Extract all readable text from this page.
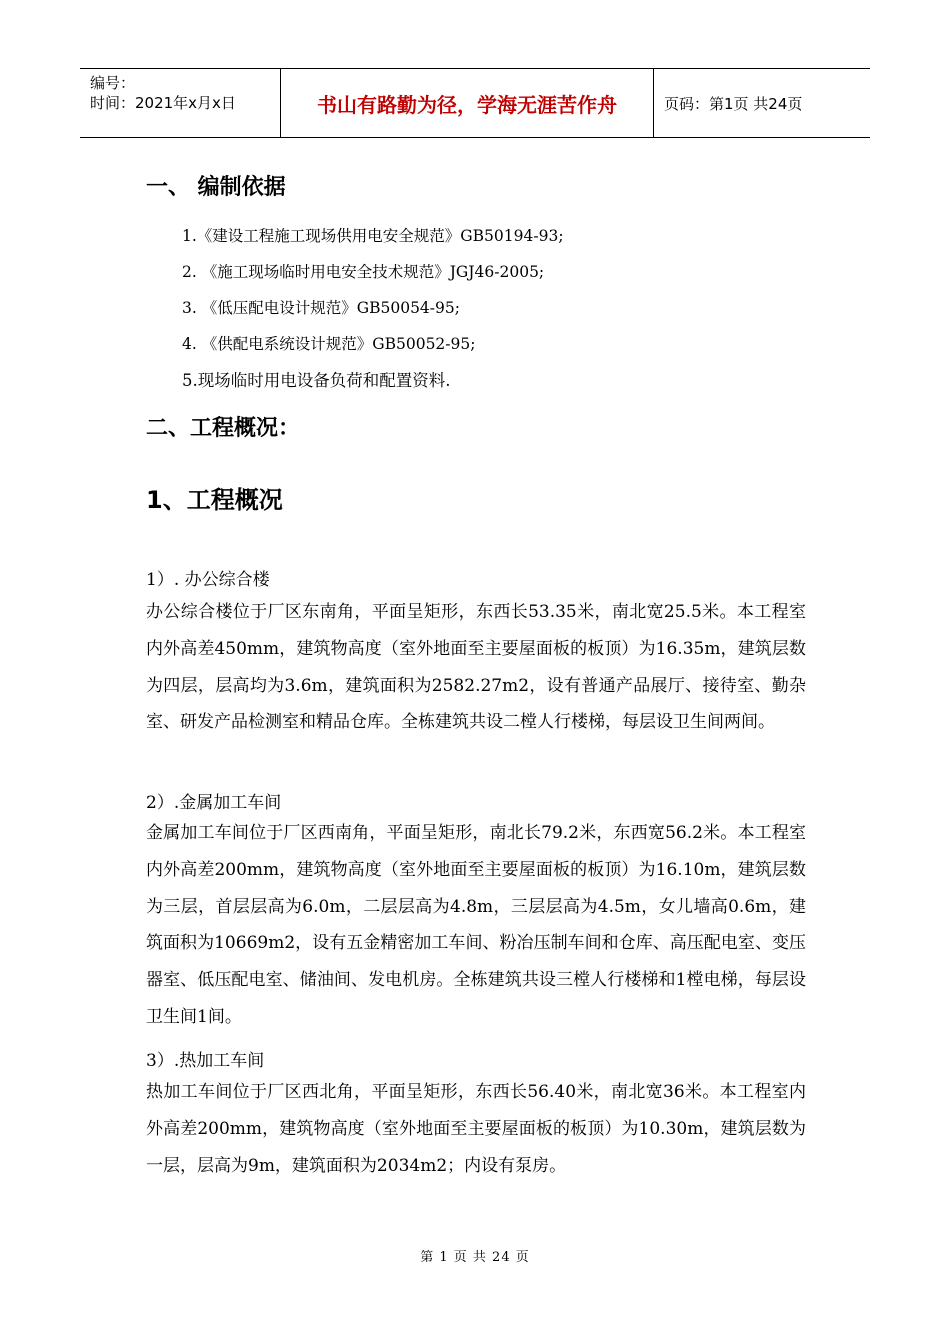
编号：
时间：2021年x月x日	书山有路勤为径，学海无涯苦作舟	页码：第1页 共24页
一、 编制依据
1.《建设工程施工现场供用电安全规范》GB50194-93;
2. 《施工现场临时用电安全技术规范》JGJ46-2005;
3. 《低压配电设计规范》GB50054-95;
4. 《供配电系统设计规范》GB50052-95;
5.现场临时用电设备负荷和配置资料.
二、工程概况：
1、工程概况
1）. 办公综合楼
办公综合楼位于厂区东南角，平面呈矩形，东西长53.35米，南北宽25.5米。本工程室内外高差450mm，建筑物高度（室外地面至主要屋面板的板顶）为16.35m，建筑层数为四层，层高均为3.6m，建筑面积为2582.27m2，设有普通产品展厅、接待室、勤杂室、研发产品检测室和精品仓库。全栋建筑共设二樘人行楼梯，每层设卫生间两间。
2）.金属加工车间
金属加工车间位于厂区西南角，平面呈矩形，南北长79.2米，东西宽56.2米。本工程室内外高差200mm，建筑物高度（室外地面至主要屋面板的板顶）为16.10m，建筑层数为三层，首层层高为6.0m，二层层高为4.8m，三层层高为4.5m，女儿墙高0.6m，建筑面积为10669m2，设有五金精密加工车间、粉冶压制车间和仓库、高压配电室、变压器室、低压配电室、储油间、发电机房。全栋建筑共设三樘人行楼梯和1樘电梯，每层设卫生间1间。
3）.热加工车间
热加工车间位于厂区西北角，平面呈矩形，东西长56.40米，南北宽36米。本工程室内外高差200mm，建筑物高度（室外地面至主要屋面板的板顶）为10.30m，建筑层数为一层，层高为9m，建筑面积为2034m2；内设有泵房。
第 1 页 共 24 页
